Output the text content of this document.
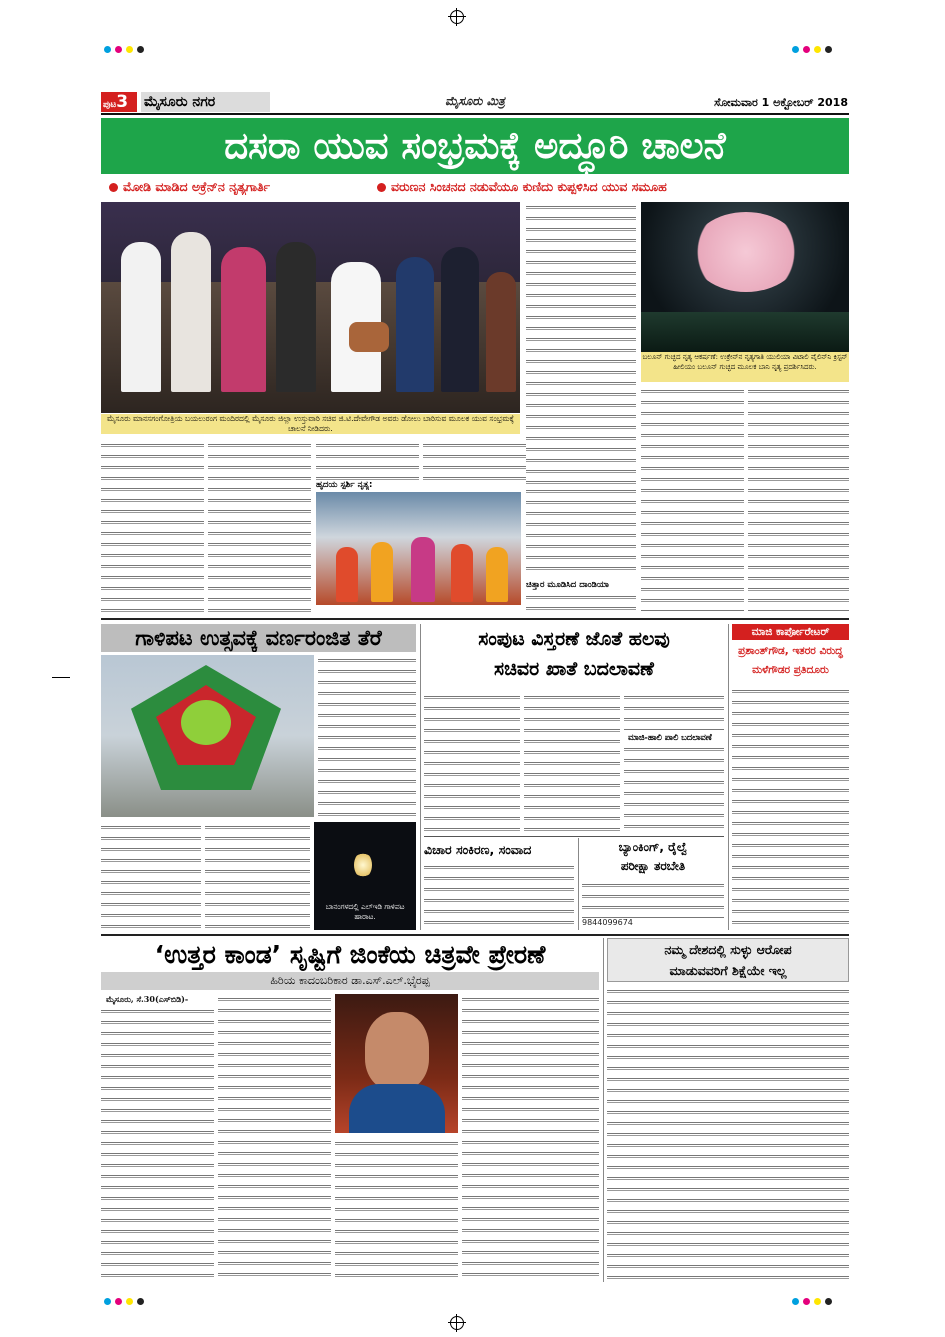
ಪುಟ3	ಮೈಸೂರು ನಗರ	ಮೈಸೂರು ಮಿತ್ರ	ಸೋಮವಾರ 1 ಅಕ್ಟೋಬರ್ 2018
ದಸರಾ ಯುವ ಸಂಭ್ರಮಕ್ಕೆ ಅದ್ಧೂರಿ ಚಾಲನೆ
ಮೋಡಿ ಮಾಡಿದ ಅಕ್ರೆನ್‌ನ ನೃತ್ಯಗಾರ್ತಿ	ವರುಣನ ಸಿಂಚನದ ನಡುವೆಯೂ ಕುಣಿದು ಕುಪ್ಪಳಿಸಿದ ಯುವ ಸಮೂಹ
ಮೈಸೂರು ಮಾನಸಗಂಗೋತ್ರಿಯ ಬಯಲುರಂಗ ಮಂದಿರದಲ್ಲಿ ಮೈಸೂರು ಜಿಲ್ಲಾ ಉಸ್ತುವಾರಿ ಸಚಿವ ಜಿ.ಟಿ.ದೇವೇಗೌಡ ಅವರು ಡೋಲು ಬಾರಿಸುವ ಮೂಲಕ ಯುವ ಸಂಭ್ರಮಕ್ಕೆ ಚಾಲನೆ ನೀಡಿದರು.
ಬಲೂನ್ ಗುಚ್ಛದ ನೃತ್ಯ ಆಕರ್ಷಣೆ: ಉಕ್ರೇನ್‌ನ ನೃತ್ಯಗಾತಿ ಯುಲಿಯಾ ವಿಟಾಲಿ ವೈಲಿನ್‌ನಿ ಕ್ರಿಸ್ಟನ್ ಹೀಲಿಯಂ ಬಲೂನ್ ಗುಚ್ಛದ ಮೂಲಕ ಬಾನಿ ನೃತ್ಯ ಪ್ರದರ್ಶಿಸಿದರು.
ಹೃದಯ ಸ್ಪರ್ಶಿ ನೃತ್ಯ:
ಚಿತ್ತಾರ ಮೂಡಿಸಿದ ದಾಂಡಿಯಾ
ಗಾಳಿಪಟ ಉತ್ಸವಕ್ಕೆ ವರ್ಣರಂಜಿತ ತೆರೆ
ಬಾನಂಗಳದಲ್ಲಿ ಎಲ್‌ಇಡಿ ಗಾಳಿಪಟ ಹಾರಾಟ.
ಸಂಪುಟ ವಿಸ್ತರಣೆ ಜೊತೆ ಹಲವು
ಸಚಿವರ ಖಾತೆ ಬದಲಾವಣೆ
ಮಾಜಿ-ಹಾಲಿ ಪಾಲಿ ಬದಲಾವಣೆ
ವಿಚಾರ ಸಂಕಿರಣ, ಸಂವಾದ	ಬ್ಯಾಂಕಿಂಗ್, ರೈಲ್ವೆ
ಪರೀಕ್ಷಾ ತರಬೇತಿ
9844099674
ಮಾಜಿ ಕಾರ್ಪೋರೇಟರ್
ಪ್ರಶಾಂತ್‌ಗೌಡ, ಇತರರ ವಿರುದ್ಧ
ಮಳೆಗೌಡರ ಪ್ರತಿದೂರು
‘ಉತ್ತರ ಕಾಂಡ’ ಸೃಷ್ಟಿಗೆ ಜಿಂಕೆಯ ಚಿತ್ರವೇ ಪ್ರೇರಣೆ
ಹಿರಿಯ ಕಾದಂಬರಿಕಾರ ಡಾ.ಎಸ್.ಎಲ್.ಭೈರಪ್ಪ
ಮೈಸೂರು, ಸೆ.30(ಎಸ್‌ಬಿಡಿ)-
ನಮ್ಮ ದೇಶದಲ್ಲಿ ಸುಳ್ಳು ಆರೋಪ
ಮಾಡುವವರಿಗೆ ಶಿಕ್ಷೆಯೇ ಇಲ್ಲ
